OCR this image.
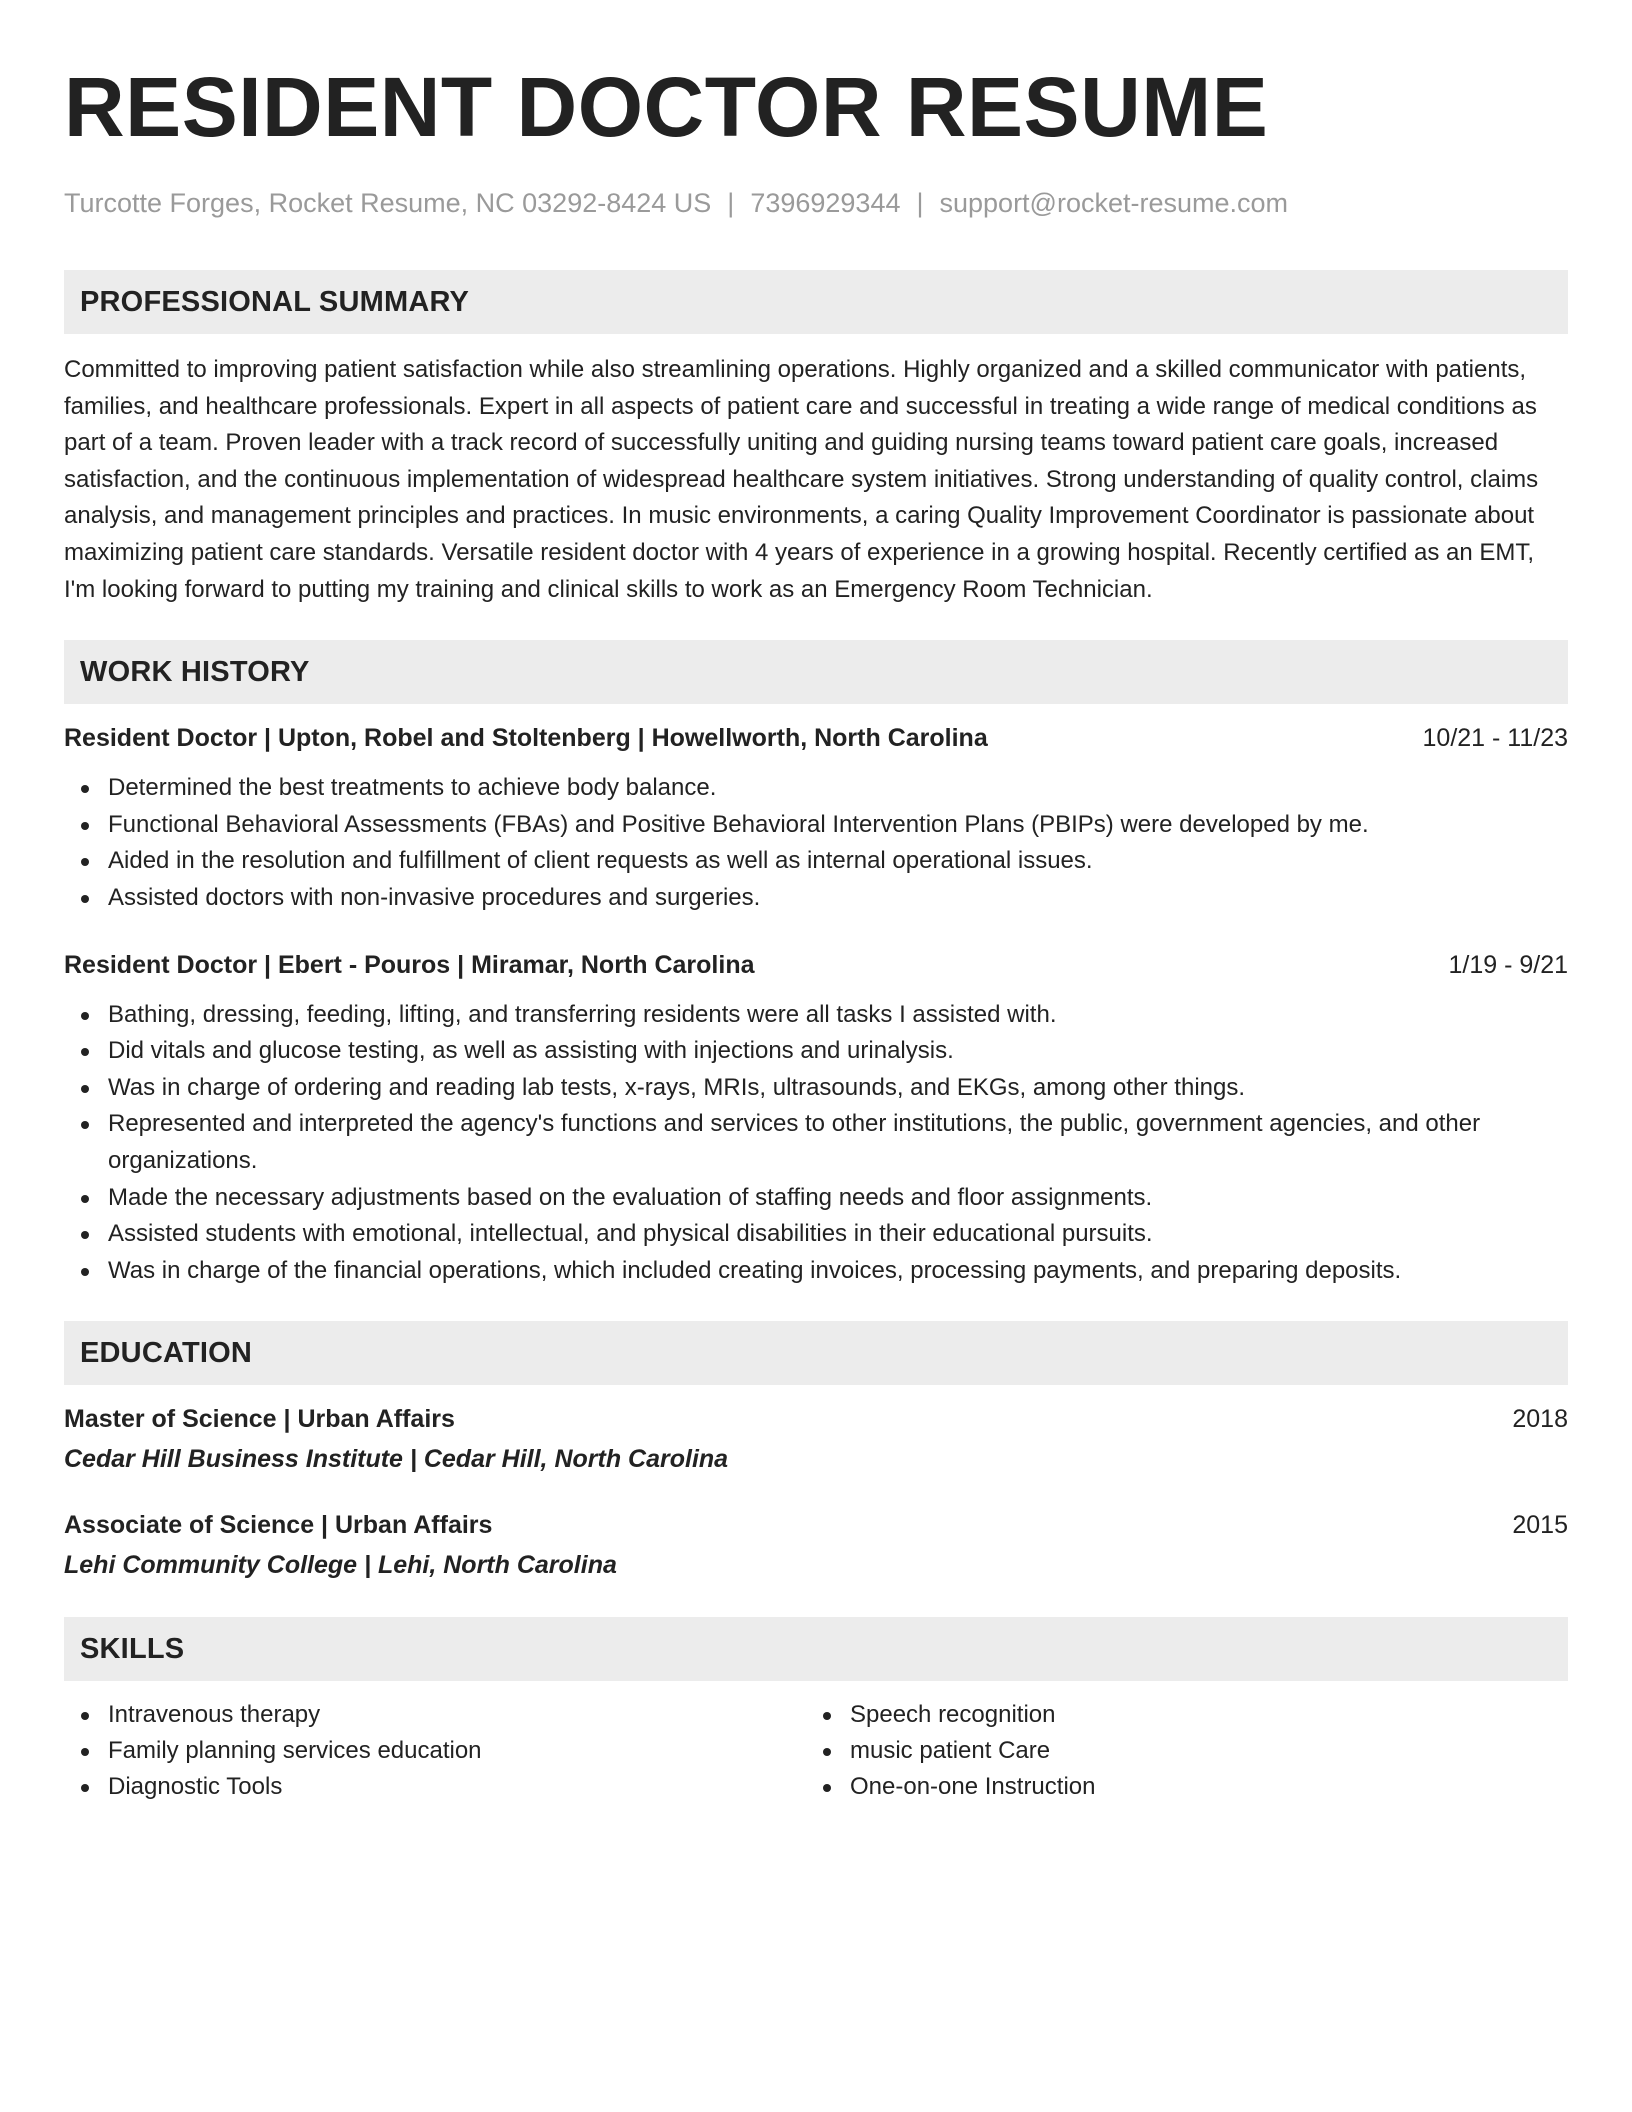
RESIDENT DOCTOR RESUME
Turcotte Forges, Rocket Resume, NC 03292-8424 US | 7396929344 | support@rocket-resume.com
PROFESSIONAL SUMMARY

Committed to improving patient satisfaction while also streamlining operations. Highly organized and a skilled communicator with patients, families, and healthcare professionals. Expert in all aspects of patient care and successful in treating a wide range of medical conditions as part of a team. Proven leader with a track record of successfully uniting and guiding nursing teams toward patient care goals, increased satisfaction, and the continuous implementation of widespread healthcare system initiatives. Strong understanding of quality control, claims analysis, and management principles and practices. In music environments, a caring Quality Improvement Coordinator is passionate about maximizing patient care standards. Versatile resident doctor with 4 years of experience in a growing hospital. Recently certified as an EMT, I'm looking forward to putting my training and clinical skills to work as an Emergency Room Technician.

WORK HISTORY
Resident Doctor | Upton, Robel and Stoltenberg | Howellworth, North Carolina	10/21 - 11/23
Determined the best treatments to achieve body balance.
Functional Behavioral Assessments (FBAs) and Positive Behavioral Intervention Plans (PBIPs) were developed by me.
Aided in the resolution and fulfillment of client requests as well as internal operational issues.
Assisted doctors with non-invasive procedures and surgeries.
Resident Doctor | Ebert - Pouros | Miramar, North Carolina	1/19 - 9/21
Bathing, dressing, feeding, lifting, and transferring residents were all tasks I assisted with.
Did vitals and glucose testing, as well as assisting with injections and urinalysis.
Was in charge of ordering and reading lab tests, x-rays, MRIs, ultrasounds, and EKGs, among other things.
Represented and interpreted the agency's functions and services to other institutions, the public, government agencies, and other organizations.
Made the necessary adjustments based on the evaluation of staffing needs and floor assignments.
Assisted students with emotional, intellectual, and physical disabilities in their educational pursuits.
Was in charge of the financial operations, which included creating invoices, processing payments, and preparing deposits.
EDUCATION
Master of Science | Urban Affairs	2018
Cedar Hill Business Institute | Cedar Hill, North Carolina
Associate of Science | Urban Affairs	2015
Lehi Community College | Lehi, North Carolina
SKILLS
Intravenous therapy
Family planning services education
Diagnostic Tools
Speech recognition
music patient Care
One-on-one Instruction
